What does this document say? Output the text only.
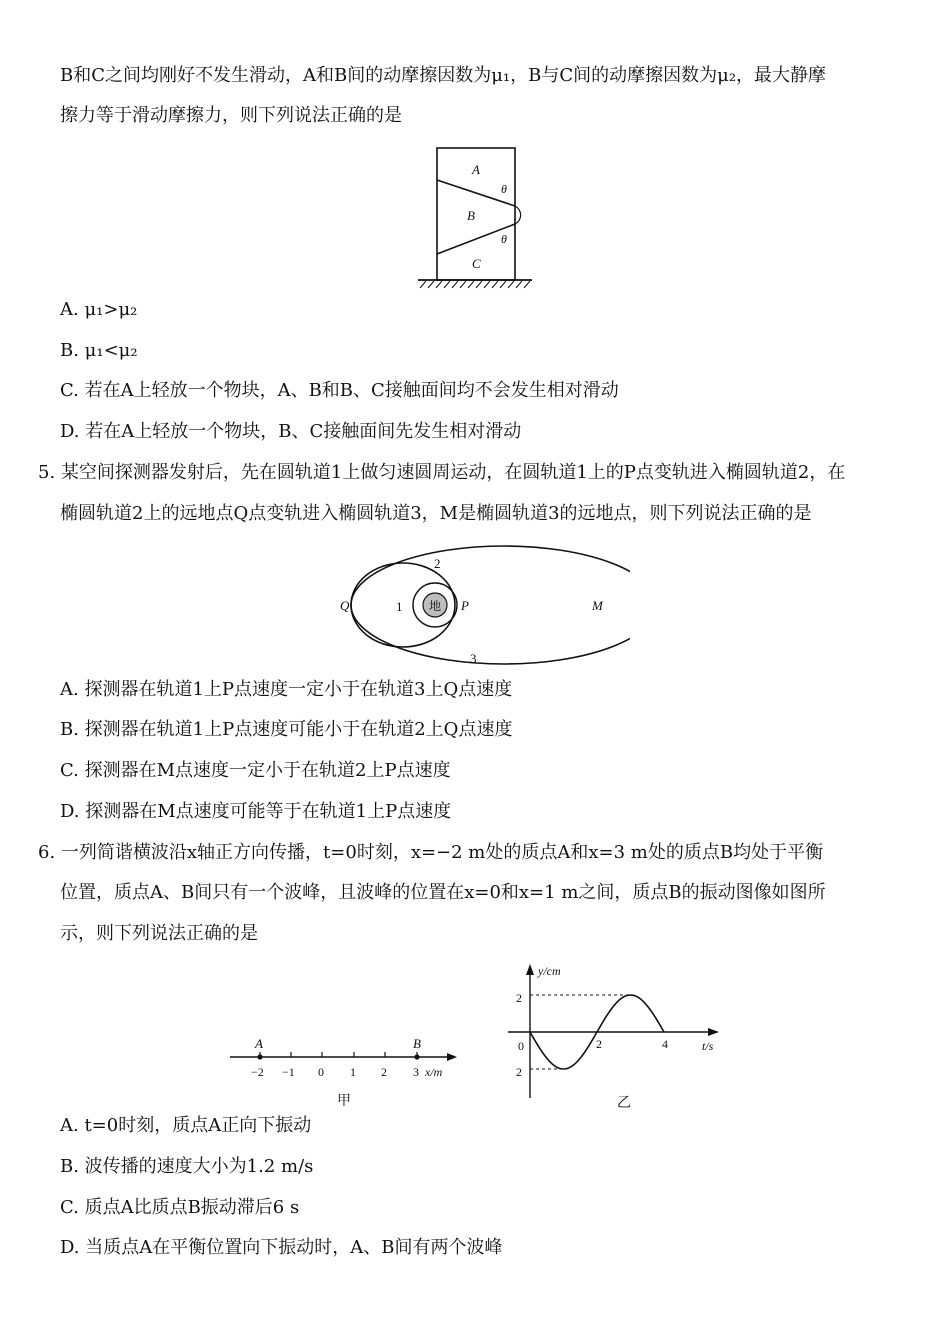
B和C之间均刚好不发生滑动，A和B间的动摩擦因数为μ₁，B与C间的动摩擦因数为μ₂，最大静摩
擦力等于滑动摩擦力，则下列说法正确的是
A
B
C
θ
θ
A. μ₁>μ₂
B. μ₁<μ₂
C. 若在A上轻放一个物块，A、B和B、C接触面间均不会发生相对滑动
D. 若在A上轻放一个物块，B、C接触面间先发生相对滑动
5. 某空间探测器发射后，先在圆轨道1上做匀速圆周运动，在圆轨道1上的P点变轨进入椭圆轨道2，在
椭圆轨道2上的远地点Q点变轨进入椭圆轨道3，M是椭圆轨道3的远地点，则下列说法正确的是
地
1
2
3
Q	P	M
A. 探测器在轨道1上P点速度一定小于在轨道3上Q点速度
B. 探测器在轨道1上P点速度可能小于在轨道2上Q点速度
C. 探测器在M点速度一定小于在轨道2上P点速度
D. 探测器在M点速度可能等于在轨道1上P点速度
6. 一列简谐横波沿x轴正方向传播，t=0时刻，x=−2 m处的质点A和x=3 m处的质点B均处于平衡
位置，质点A、B间只有一个波峰，且波峰的位置在x=0和x=1 m之间，质点B的振动图像如图所
示，则下列说法正确的是
A	B
−2 −1 0 1 2 3 x/m
甲
y/cm
t/s
0
2
2
2	4
乙
A. t=0时刻，质点A正向下振动
B. 波传播的速度大小为1.2 m/s
C. 质点A比质点B振动滞后6 s
D. 当质点A在平衡位置向下振动时，A、B间有两个波峰
